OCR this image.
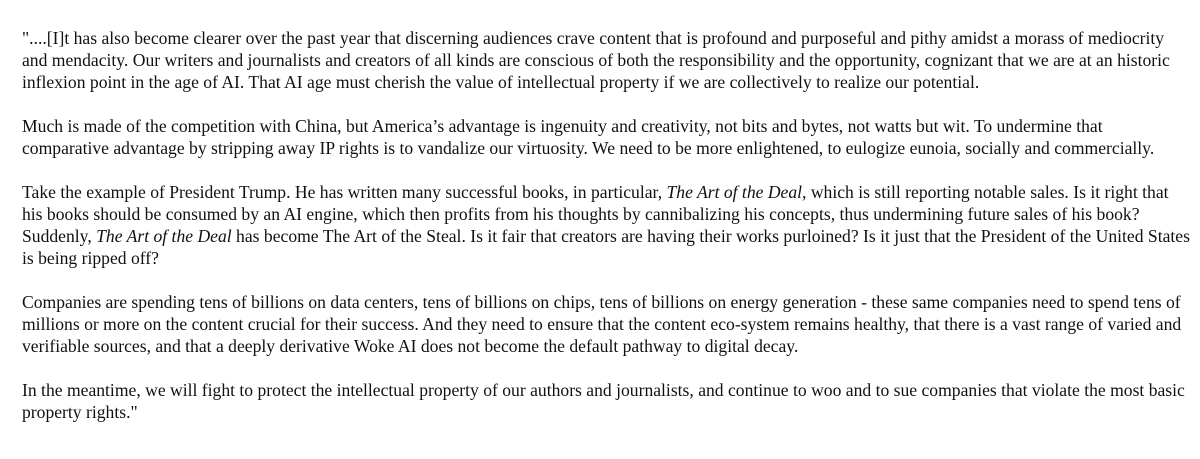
"....[I]t has also become clearer over the past year that discerning audiences crave content that is profound and purposeful and pithy amidst a morass of mediocrity and mendacity. Our writers and journalists and creators of all kinds are conscious of both the responsibility and the opportunity, cognizant that we are at an historic inflexion point in the age of AI. That AI age must cherish the value of intellectual property if we are collectively to realize our potential.

Much is made of the competition with China, but America’s advantage is ingenuity and creativity, not bits and bytes, not watts but wit. To undermine that comparative advantage by stripping away IP rights is to vandalize our virtuosity. We need to be more enlightened, to eulogize eunoia, socially and commercially.

Take the example of President Trump. He has written many successful books, in particular, The Art of the Deal, which is still reporting notable sales. Is it right that his books should be consumed by an AI engine, which then profits from his thoughts by cannibalizing his concepts, thus undermining future sales of his book? Suddenly, The Art of the Deal has become The Art of the Steal. Is it fair that creators are having their works purloined? Is it just that the President of the United States is being ripped off?

Companies are spending tens of billions on data centers, tens of billions on chips, tens of billions on energy generation - these same companies need to spend tens of millions or more on the content crucial for their success. And they need to ensure that the content eco-system remains healthy, that there is a vast range of varied and verifiable sources, and that a deeply derivative Woke AI does not become the default pathway to digital decay.

In the meantime, we will fight to protect the intellectual property of our authors and journalists, and continue to woo and to sue companies that violate the most basic property rights."
